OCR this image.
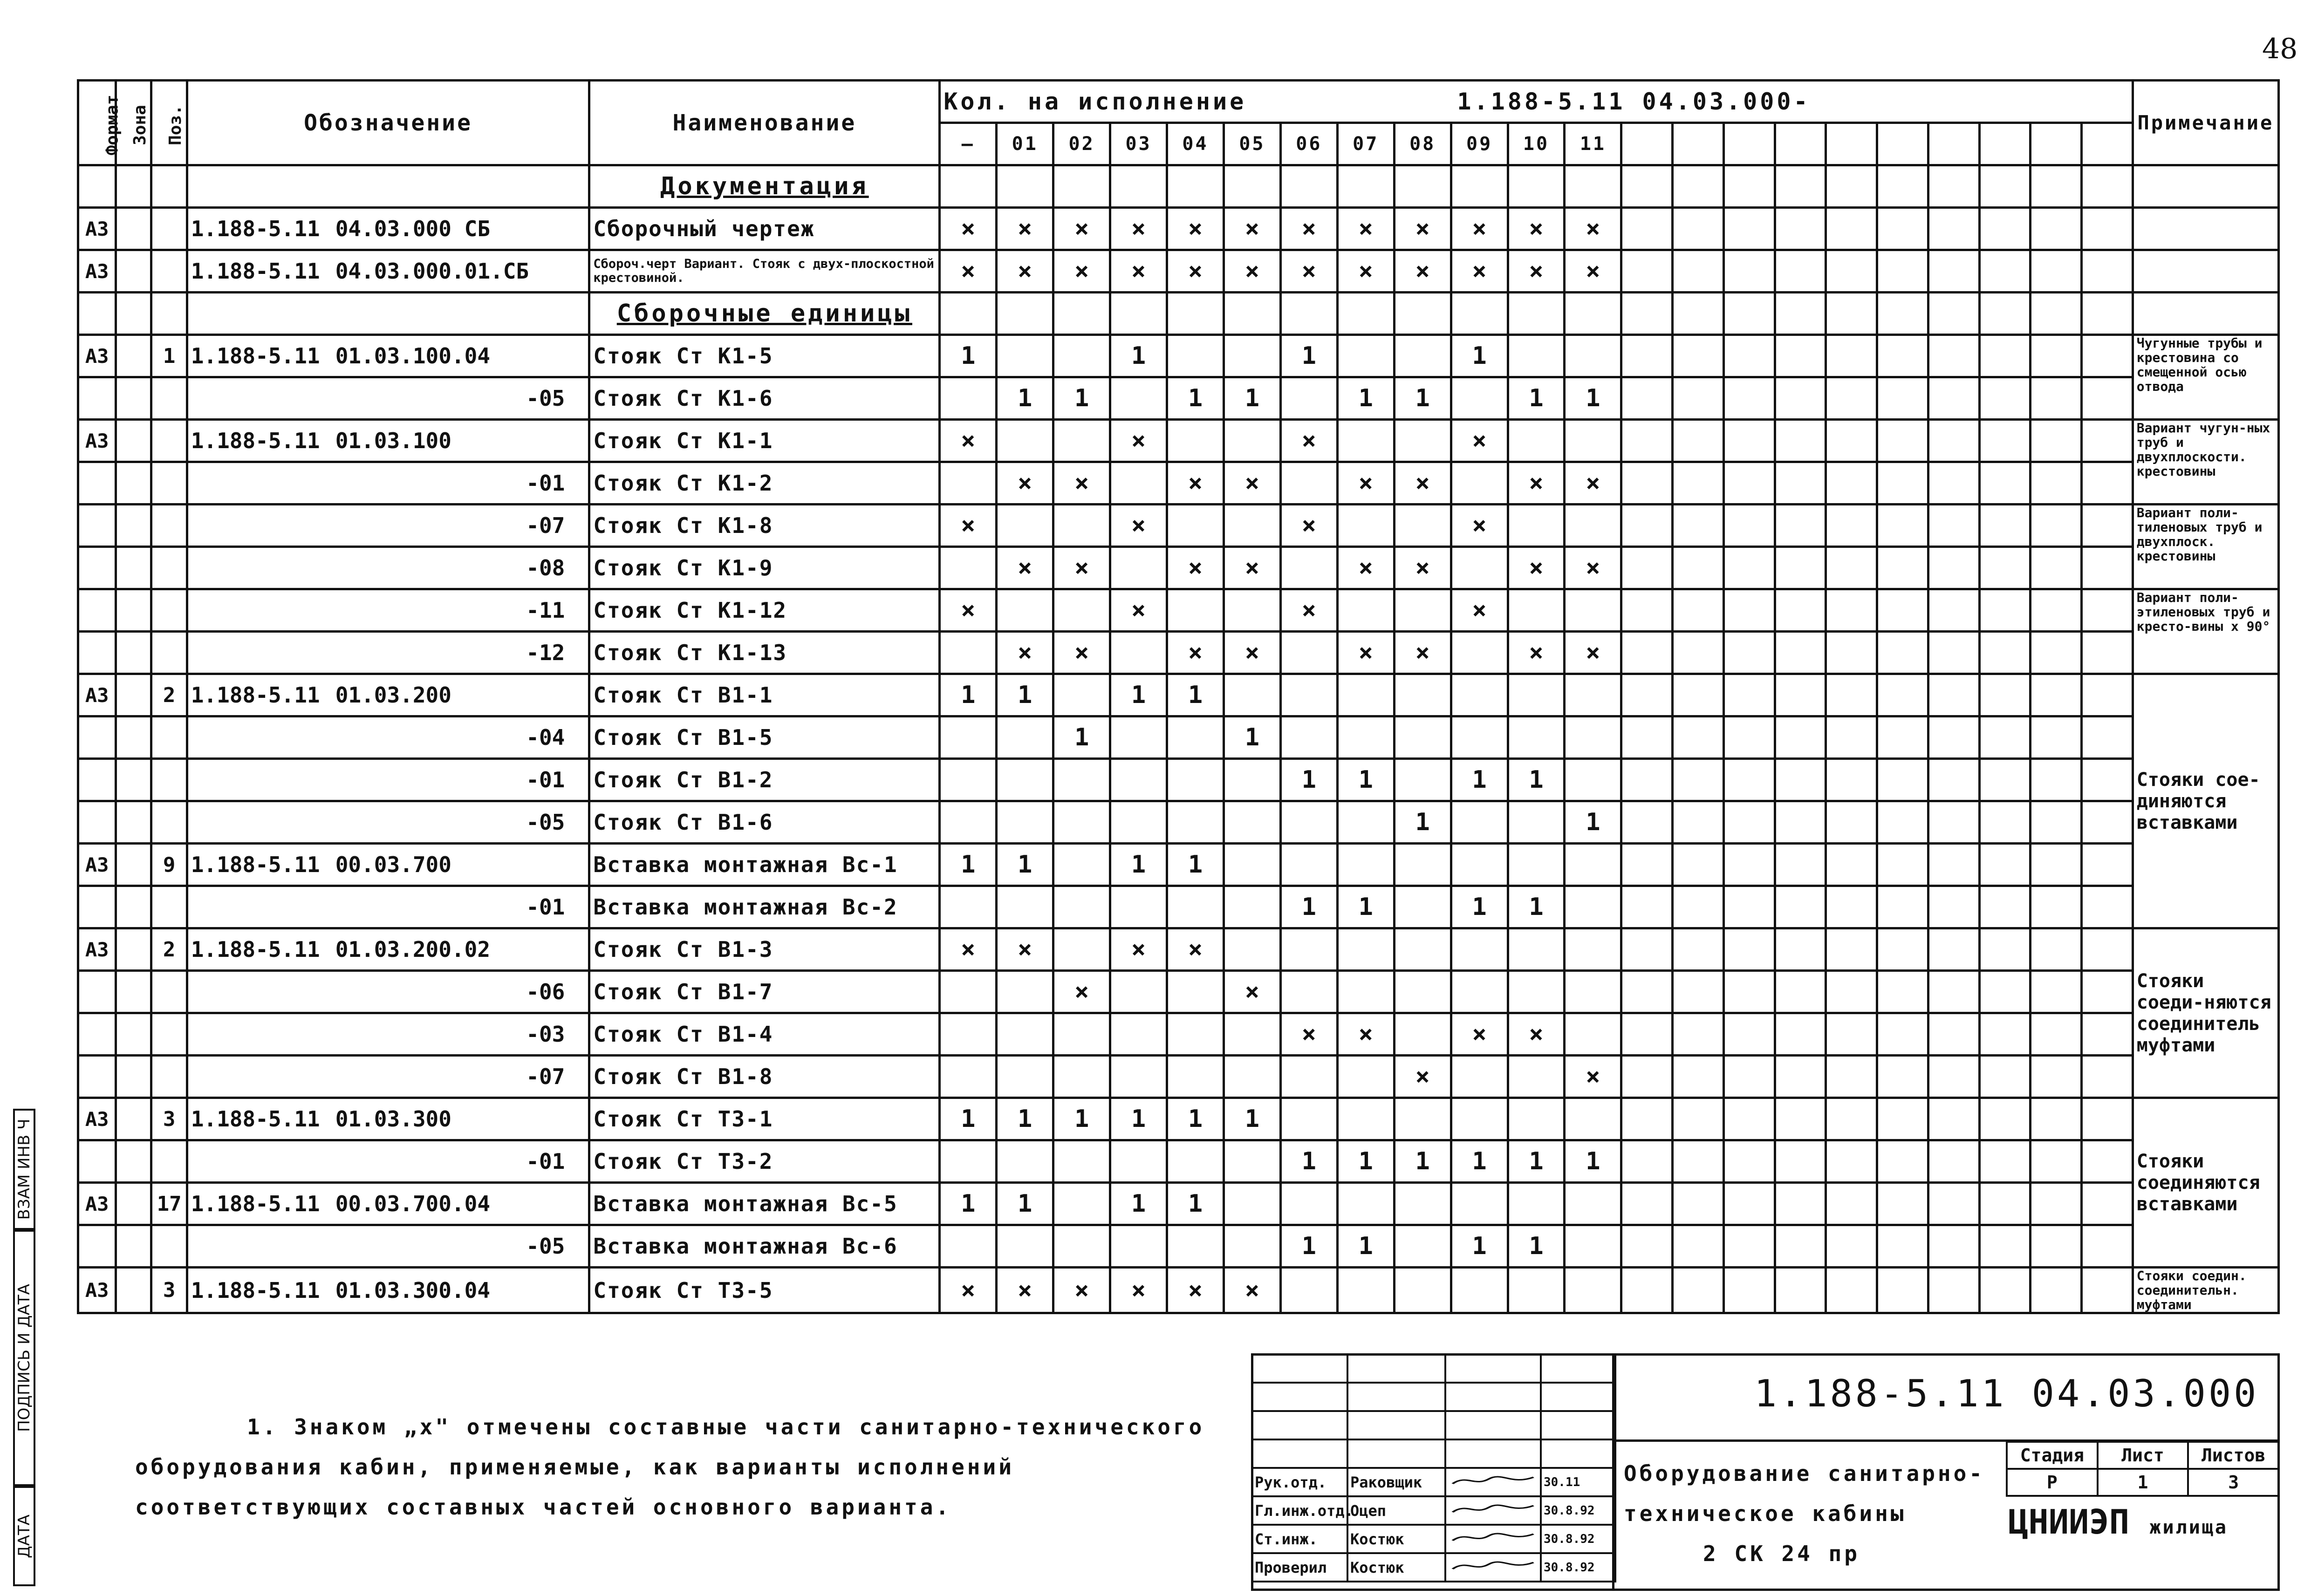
48
ДАТА
ПОДПИСЬ И ДАТА
ВЗАМ ИНВ Ч
Формат	Зона	Поз.	Обозначение	Наименование	Кол. на исполнение 1.188-5.11 04.03.000-																						Примечание
					—	01	02	03	04	05	06	07	08	09	10	11											
				Документация																							
А3			1.188-5.11 04.03.000 СБ	Сборочный чертеж	×	×	×	×	×	×	×	×	×	×	×	×											
А3			1.188-5.11 04.03.000.01.СБ	Сбороч.черт Вариант. Стояк с двух-плоскостной крестовиной.	×	×	×	×	×	×	×	×	×	×	×	×											
				Сборочные единицы																							
А3		1	1.188-5.11 01.03.100.04	Стояк Ст К1-5	1			1			1			1													Чугунные трубы и крестовина со смещенной осью отвода
			-05	Стояк Ст К1-6		1	1		1	1		1	1		1	1											
А3			1.188-5.11 01.03.100	Стояк Ст К1-1	×			×			×			×													Вариант чугун-ных труб и двухплоскости. крестовины
			-01	Стояк Ст К1-2		×	×		×	×		×	×		×	×											
			-07	Стояк Ст К1-8	×			×			×			×													Вариант поли-тиленовых труб и двухплоск. крестовины
			-08	Стояк Ст К1-9		×	×		×	×		×	×		×	×											
			-11	Стояк Ст К1-12	×			×			×			×													Вариант поли-этиленовых труб и кресто-вины х 90°
			-12	Стояк Ст К1-13		×	×		×	×		×	×		×	×											
А3		2	1.188-5.11 01.03.200	Стояк Ст В1-1	1	1		1	1																		Стояки сое-диняются вставками
			-04	Стояк Ст В1-5			1			1																	
			-01	Стояк Ст В1-2							1	1		1	1												
			-05	Стояк Ст В1-6									1			1											
А3		9	1.188-5.11 00.03.700	Вставка монтажная Вс-1	1	1		1	1																		
			-01	Вставка монтажная Вс-2							1	1		1	1												
А3		2	1.188-5.11 01.03.200.02	Стояк Ст В1-3	×	×		×	×																		Стояки соеди-няются соединитель муфтами
			-06	Стояк Ст В1-7			×			×																	
			-03	Стояк Ст В1-4							×	×		×	×												
			-07	Стояк Ст В1-8									×			×											
А3		3	1.188-5.11 01.03.300	Стояк Ст Т3-1	1	1	1	1	1	1																	Стояки соединяются вставками
			-01	Стояк Ст Т3-2							1	1	1	1	1	1											
А3		17	1.188-5.11 00.03.700.04	Вставка монтажная Вс-5	1	1		1	1																		
			-05	Вставка монтажная Вс-6							1	1		1	1												
А3		3	1.188-5.11 01.03.300.04	Стояк Ст Т3-5	×	×	×	×	×	×																	Стояки соедин. соединительн. муфтами

1. Знаком „х" отмечены составные части санитарно-технического

оборудования кабин, применяемые, как варианты исполнений

соответствующих составных частей основного варианта.

Рук.отд.	Раковщик		30.11
Гл.инж.отд.	Оцеп		30.8.92
Ст.инж.	Костюк		30.8.92
Проверил	Костюк		30.8.92
1.188-5.11 04.03.000
Оборудование санитарно-
техническое кабины
2 СК 24 пр
Стадия	Лист	Листов
Р	1	3
ЦНИИЭП жилища
